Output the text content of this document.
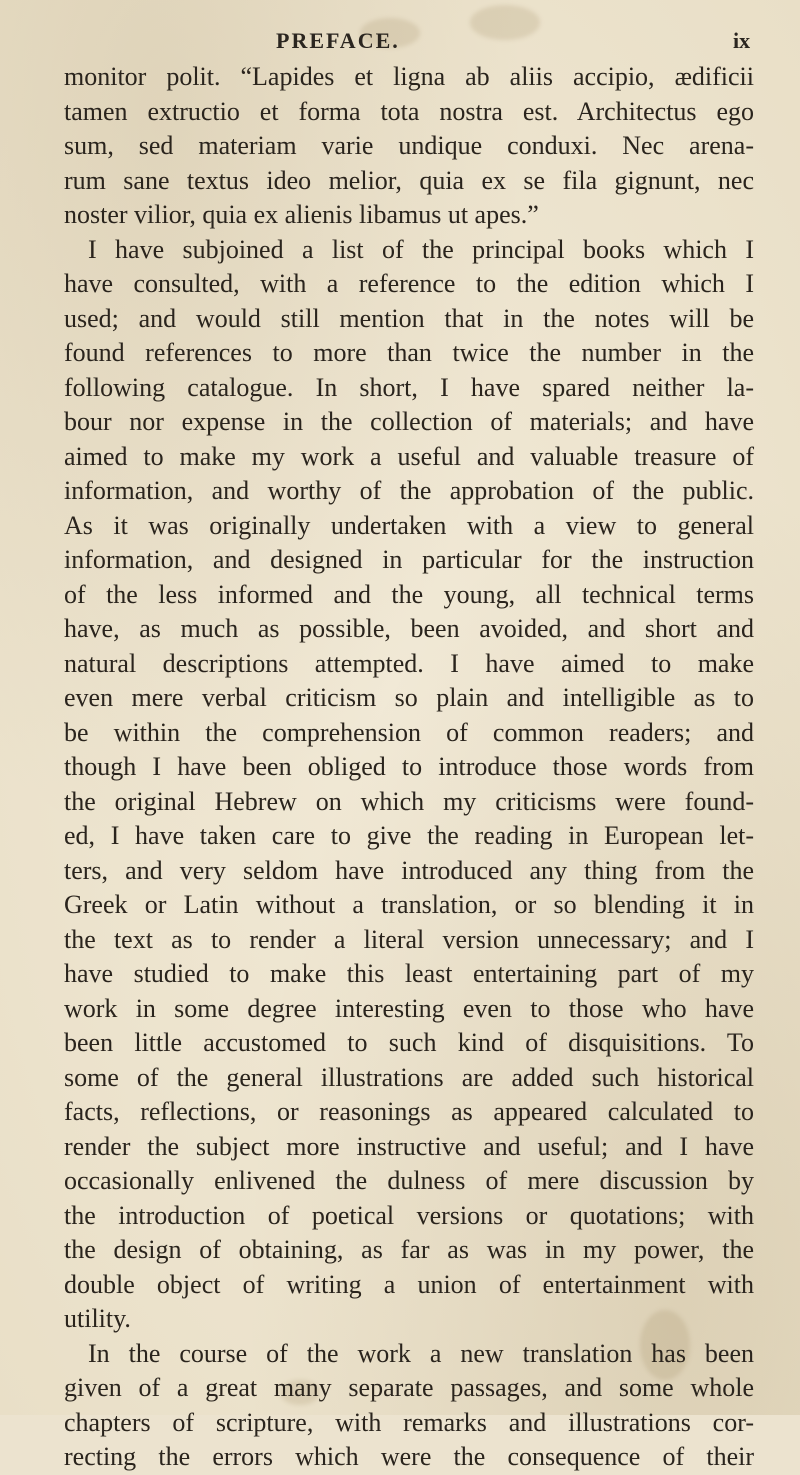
PREFACE.	ix
monitor polit. “Lapides et ligna ab aliis accipio, ædificii
tamen extructio et forma tota nostra est. Architectus ego
sum, sed materiam varie undique conduxi. Nec arena-
rum sane textus ideo melior, quia ex se fila gignunt, nec
noster vilior, quia ex alienis libamus ut apes.”
I have subjoined a list of the principal books which I
have consulted, with a reference to the edition which I
used; and would still mention that in the notes will be
found references to more than twice the number in the
following catalogue. In short, I have spared neither la-
bour nor expense in the collection of materials; and have
aimed to make my work a useful and valuable treasure of
information, and worthy of the approbation of the public.
As it was originally undertaken with a view to general
information, and designed in particular for the instruction
of the less informed and the young, all technical terms
have, as much as possible, been avoided, and short and
natural descriptions attempted. I have aimed to make
even mere verbal criticism so plain and intelligible as to
be within the comprehension of common readers; and
though I have been obliged to introduce those words from
the original Hebrew on which my criticisms were found-
ed, I have taken care to give the reading in European let-
ters, and very seldom have introduced any thing from the
Greek or Latin without a translation, or so blending it in
the text as to render a literal version unnecessary; and I
have studied to make this least entertaining part of my
work in some degree interesting even to those who have
been little accustomed to such kind of disquisitions. To
some of the general illustrations are added such historical
facts, reflections, or reasonings as appeared calculated to
render the subject more instructive and useful; and I have
occasionally enlivened the dulness of mere discussion by
the introduction of poetical versions or quotations; with
the design of obtaining, as far as was in my power, the
double object of writing a union of entertainment with
utility.
In the course of the work a new translation has been
given of a great many separate passages, and some whole
chapters of scripture, with remarks and illustrations cor-
recting the errors which were the consequence of their
